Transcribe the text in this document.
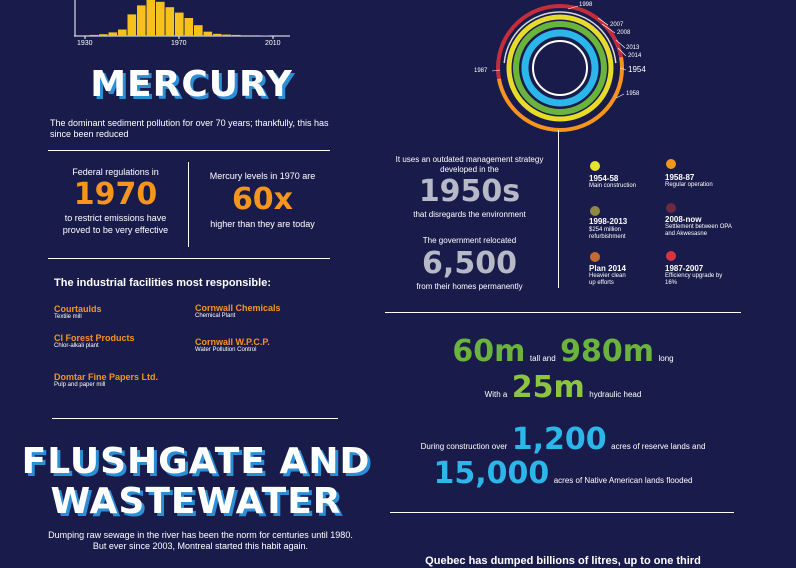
1930	1970	2010
MERCURY
The dominant sediment pollution for over 70 years; thankfully, this has since been reduced
Federal regulations in
1970
to restrict emissions have proved to be very effective
Mercury levels in 1970 are
60x
higher than they are today
The industrial facilities most responsible:
Courtaulds
Textile mill
CI Forest Products
Chlor-alkali plant
Domtar Fine Papers Ltd.
Pulp and paper mill
Cornwall Chemicals
Chemical Plant
Cornwall W.P.C.P.
Water Pollution Control
FLUSHGATE AND
WASTEWATER
Dumping raw sewage in the river has been the norm for centuries until 1980. But ever since 2003, Montreal started this habit again.
1998
2007
2008
2013
2014
1954
1958
1987
It uses an outdated management strategy developed in the
1950s
that disregards the environment
The government relocated
6,500
from their homes permanently
1954-58
Main construction
1958-87
Regular operation
1998-2013
$254 million refurbishment
2008-now
Settlement between OPA and Akwesasne
Plan 2014
Heavier clean up efforts
1987-2007
Efficiency upgrade by 16%
60m tall and 980m long
With a 25m hydraulic head
During construction over 1,200 acres of reserve lands and
15,000 acres of Native American lands flooded
Quebec has dumped billions of litres, up to one third
